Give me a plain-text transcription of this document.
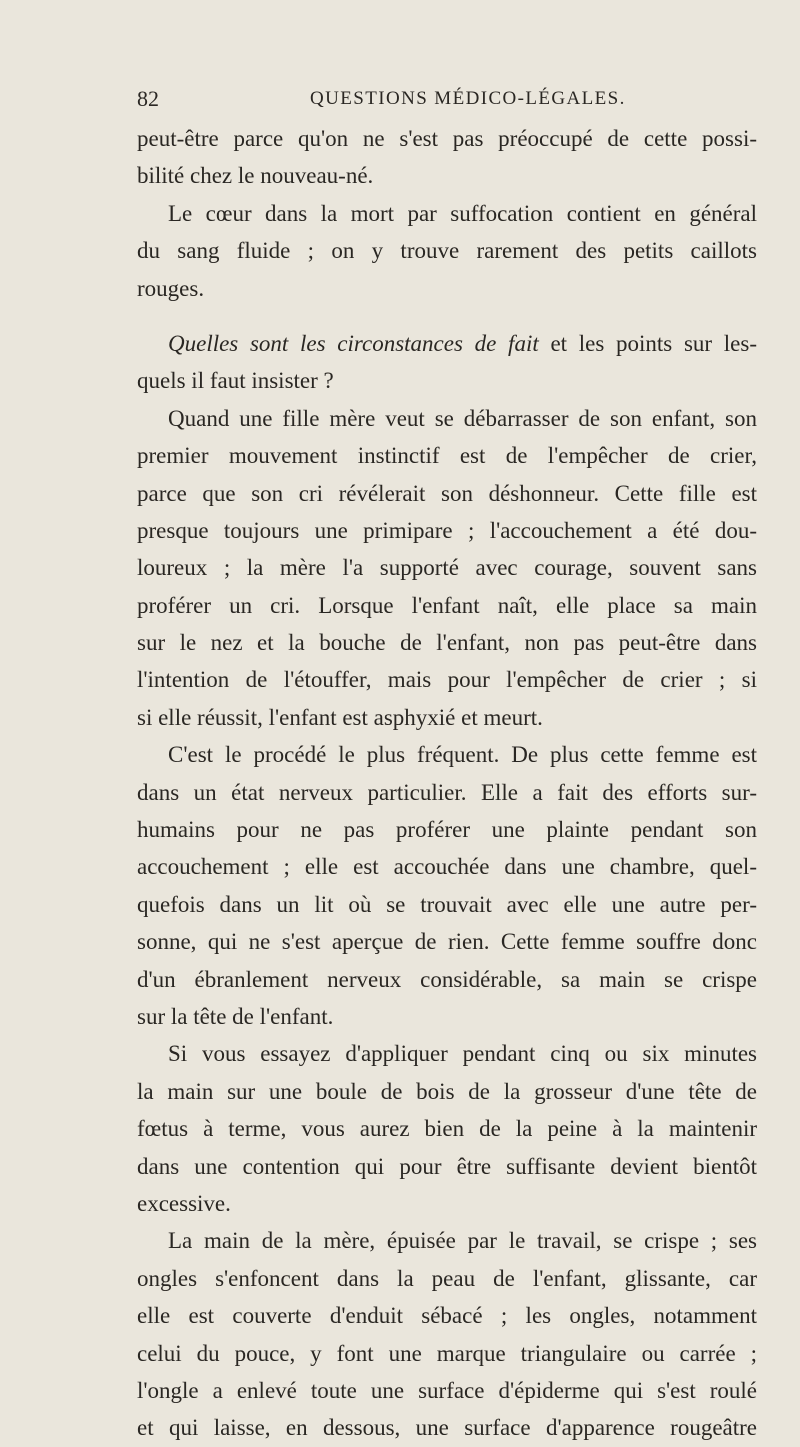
82	QUESTIONS MÉDICO-LÉGALES.
peut-être parce qu'on ne s'est pas préoccupé de cette possi-
bilité chez le nouveau-né.
Le cœur dans la mort par suffocation contient en général
du sang fluide ; on y trouve rarement des petits caillots
rouges.
Quelles sont les circonstances de fait et les points sur les-
quels il faut insister ?
Quand une fille mère veut se débarrasser de son enfant, son
premier mouvement instinctif est de l'empêcher de crier,
parce que son cri révélerait son déshonneur. Cette fille est
presque toujours une primipare ; l'accouchement a été dou-
loureux ; la mère l'a supporté avec courage, souvent sans
proférer un cri. Lorsque l'enfant naît, elle place sa main
sur le nez et la bouche de l'enfant, non pas peut-être dans
l'intention de l'étouffer, mais pour l'empêcher de crier ; si
si elle réussit, l'enfant est asphyxié et meurt.
C'est le procédé le plus fréquent. De plus cette femme est
dans un état nerveux particulier. Elle a fait des efforts sur-
humains pour ne pas proférer une plainte pendant son
accouchement ; elle est accouchée dans une chambre, quel-
quefois dans un lit où se trouvait avec elle une autre per-
sonne, qui ne s'est aperçue de rien. Cette femme souffre donc
d'un ébranlement nerveux considérable, sa main se crispe
sur la tête de l'enfant.
Si vous essayez d'appliquer pendant cinq ou six minutes
la main sur une boule de bois de la grosseur d'une tête de
fœtus à terme, vous aurez bien de la peine à la maintenir
dans une contention qui pour être suffisante devient bientôt
excessive.
La main de la mère, épuisée par le travail, se crispe ; ses
ongles s'enfoncent dans la peau de l'enfant, glissante, car
elle est couverte d'enduit sébacé ; les ongles, notamment
celui du pouce, y font une marque triangulaire ou carrée ;
l'ongle a enlevé toute une surface d'épiderme qui s'est roulé
et qui laisse, en dessous, une surface d'apparence rougeâtre
